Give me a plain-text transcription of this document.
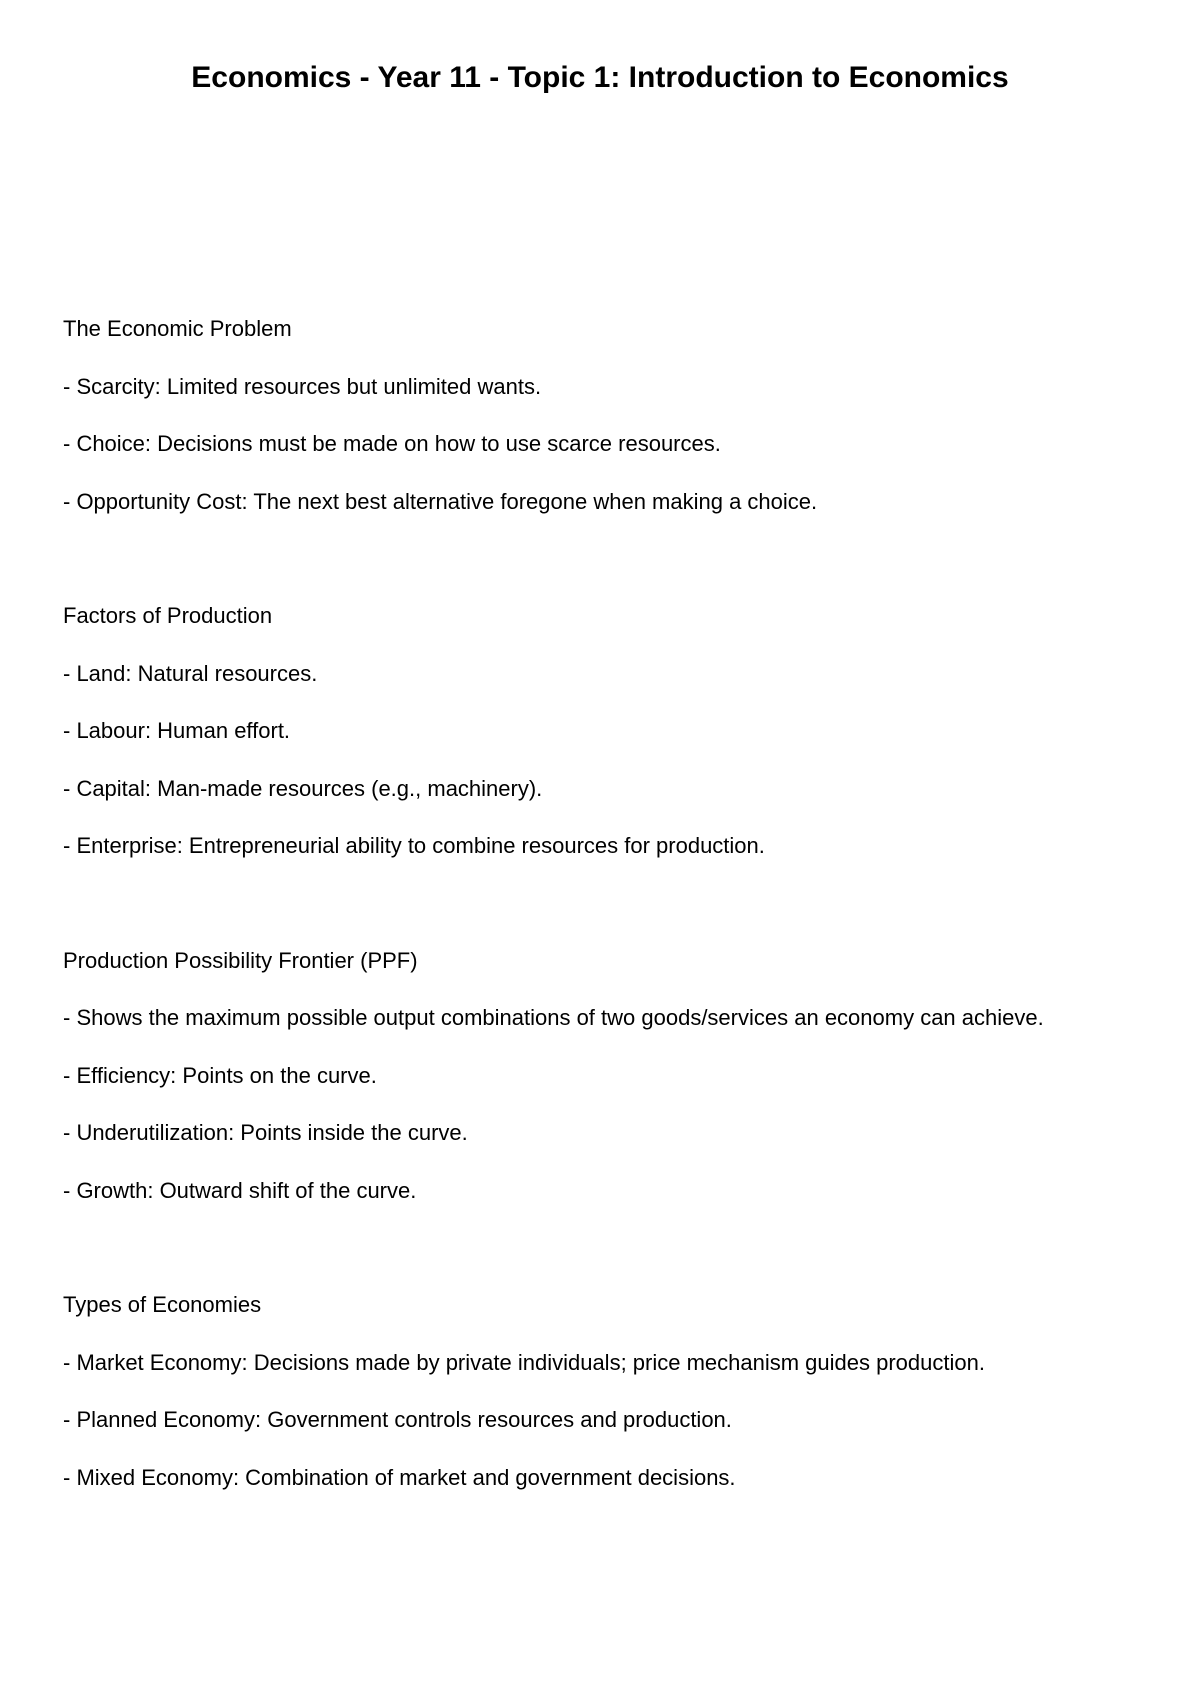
Economics - Year 11 - Topic 1: Introduction to Economics

The Economic Problem

- Scarcity: Limited resources but unlimited wants.

- Choice: Decisions must be made on how to use scarce resources.

- Opportunity Cost: The next best alternative foregone when making a choice.

Factors of Production

- Land: Natural resources.

- Labour: Human effort.

- Capital: Man-made resources (e.g., machinery).

- Enterprise: Entrepreneurial ability to combine resources for production.

Production Possibility Frontier (PPF)

- Shows the maximum possible output combinations of two goods/services an economy can achieve.

- Efficiency: Points on the curve.

- Underutilization: Points inside the curve.

- Growth: Outward shift of the curve.

Types of Economies

- Market Economy: Decisions made by private individuals; price mechanism guides production.

- Planned Economy: Government controls resources and production.

- Mixed Economy: Combination of market and government decisions.
